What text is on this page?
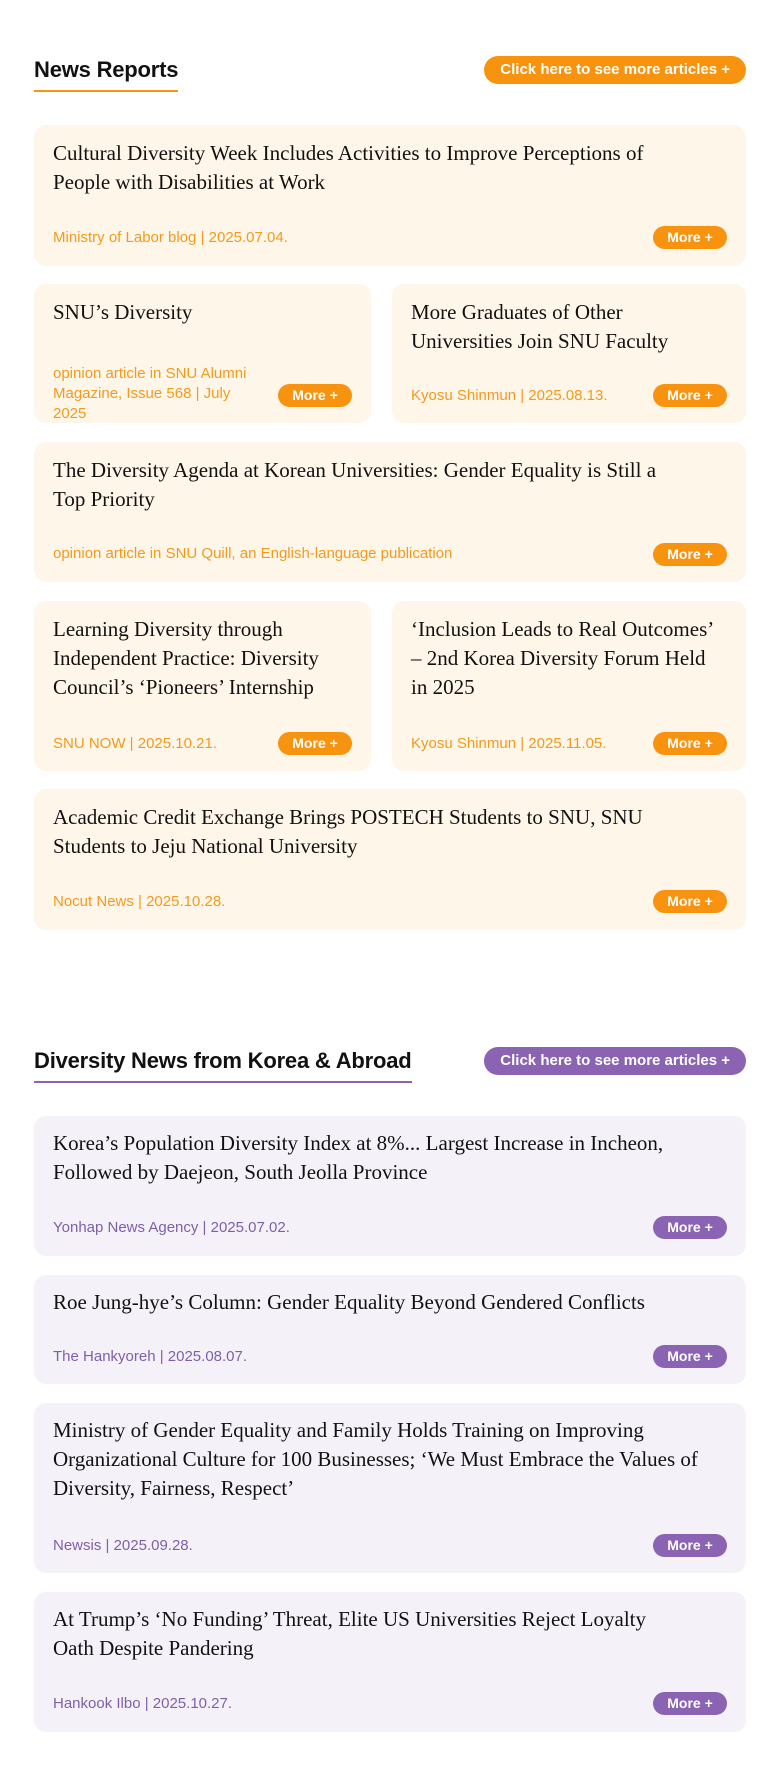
News Reports	Click here to see more articles +
Cultural Diversity Week Includes Activities to Improve Perceptions of People with Disabilities at Work
Ministry of Labor blog | 2025.07.04.	More +
SNU’s Diversity
opinion article in SNU Alumni Magazine, Issue 568 | July 2025
More +
More Graduates of Other Universities Join SNU Faculty
Kyosu Shinmun | 2025.08.13.	More +
The Diversity Agenda at Korean Universities: Gender Equality is Still a Top Priority
opinion article in SNU Quill, an English-language publication	More +
Learning Diversity through Independent Practice: Diversity Council’s ‘Pioneers’ Internship
SNU NOW | 2025.10.21.	More +
‘Inclusion Leads to Real Outcomes’ – 2nd Korea Diversity Forum Held in 2025
Kyosu Shinmun | 2025.11.05.	More +
Academic Credit Exchange Brings POSTECH Students to SNU, SNU Students to Jeju National University
Nocut News | 2025.10.28.	More +
Diversity News from Korea & Abroad	Click here to see more articles +
Korea’s Population Diversity Index at 8%... Largest Increase in Incheon, Followed by Daejeon, South Jeolla Province
Yonhap News Agency | 2025.07.02.	More +
Roe Jung-hye’s Column: Gender Equality Beyond Gendered Conflicts
The Hankyoreh | 2025.08.07.	More +
Ministry of Gender Equality and Family Holds Training on Improving Organizational Culture for 100 Businesses; ‘We Must Embrace the Values of Diversity, Fairness, Respect’
Newsis | 2025.09.28.	More +
At Trump’s ‘No Funding’ Threat, Elite US Universities Reject Loyalty Oath Despite Pandering
Hankook Ilbo | 2025.10.27.	More +
